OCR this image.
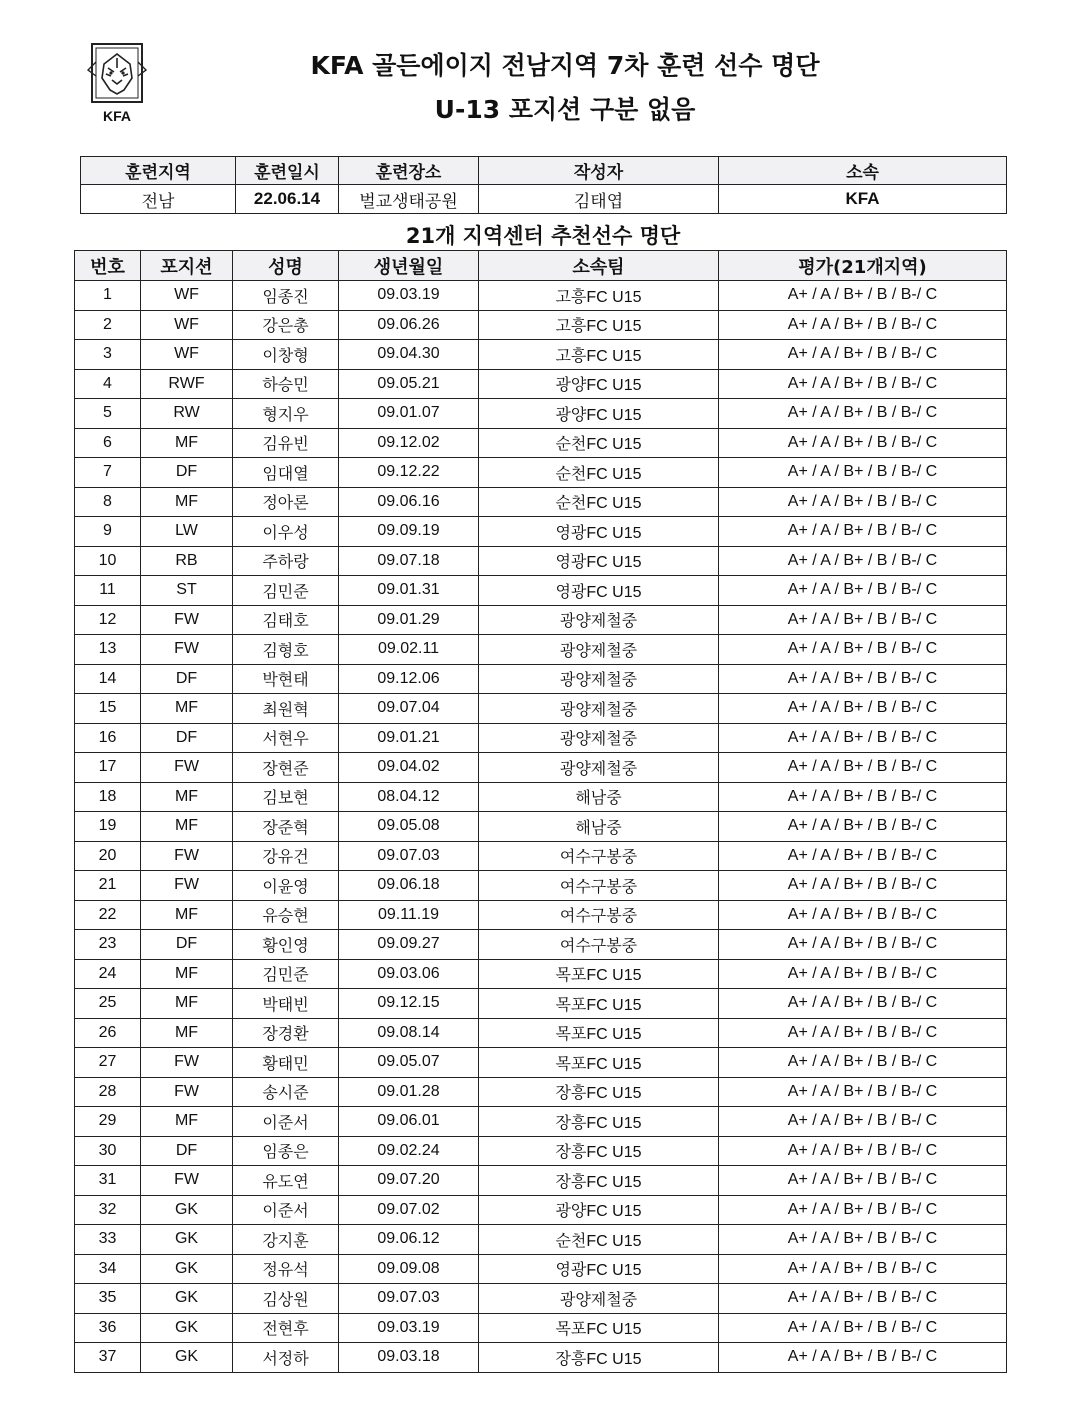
KFA
KFA 골든에이지 전남지역 7차 훈련 선수 명단
U-13 포지션 구분 없음
훈련지역	훈련일시	훈련장소	작성자	소속
전남	22.06.14	벌교생태공원	김태엽	KFA
21개 지역센터 추천선수 명단
번호	포지션	성명	생년월일	소속팀	평가(21개지역)
1	WF	임종진	09.03.19	고흥FC U15	A+ / A / B+ / B / B-/ C
2	WF	강은총	09.06.26	고흥FC U15	A+ / A / B+ / B / B-/ C
3	WF	이창형	09.04.30	고흥FC U15	A+ / A / B+ / B / B-/ C
4	RWF	하승민	09.05.21	광양FC U15	A+ / A / B+ / B / B-/ C
5	RW	형지우	09.01.07	광양FC U15	A+ / A / B+ / B / B-/ C
6	MF	김유빈	09.12.02	순천FC U15	A+ / A / B+ / B / B-/ C
7	DF	임대열	09.12.22	순천FC U15	A+ / A / B+ / B / B-/ C
8	MF	정아론	09.06.16	순천FC U15	A+ / A / B+ / B / B-/ C
9	LW	이우성	09.09.19	영광FC U15	A+ / A / B+ / B / B-/ C
10	RB	주하랑	09.07.18	영광FC U15	A+ / A / B+ / B / B-/ C
11	ST	김민준	09.01.31	영광FC U15	A+ / A / B+ / B / B-/ C
12	FW	김태호	09.01.29	광양제철중	A+ / A / B+ / B / B-/ C
13	FW	김형호	09.02.11	광양제철중	A+ / A / B+ / B / B-/ C
14	DF	박현태	09.12.06	광양제철중	A+ / A / B+ / B / B-/ C
15	MF	최원혁	09.07.04	광양제철중	A+ / A / B+ / B / B-/ C
16	DF	서현우	09.01.21	광양제철중	A+ / A / B+ / B / B-/ C
17	FW	장현준	09.04.02	광양제철중	A+ / A / B+ / B / B-/ C
18	MF	김보현	08.04.12	해남중	A+ / A / B+ / B / B-/ C
19	MF	장준혁	09.05.08	해남중	A+ / A / B+ / B / B-/ C
20	FW	강유건	09.07.03	여수구봉중	A+ / A / B+ / B / B-/ C
21	FW	이윤영	09.06.18	여수구봉중	A+ / A / B+ / B / B-/ C
22	MF	유승현	09.11.19	여수구봉중	A+ / A / B+ / B / B-/ C
23	DF	황인영	09.09.27	여수구봉중	A+ / A / B+ / B / B-/ C
24	MF	김민준	09.03.06	목포FC U15	A+ / A / B+ / B / B-/ C
25	MF	박태빈	09.12.15	목포FC U15	A+ / A / B+ / B / B-/ C
26	MF	장경환	09.08.14	목포FC U15	A+ / A / B+ / B / B-/ C
27	FW	황태민	09.05.07	목포FC U15	A+ / A / B+ / B / B-/ C
28	FW	송시준	09.01.28	장흥FC U15	A+ / A / B+ / B / B-/ C
29	MF	이준서	09.06.01	장흥FC U15	A+ / A / B+ / B / B-/ C
30	DF	임종은	09.02.24	장흥FC U15	A+ / A / B+ / B / B-/ C
31	FW	유도연	09.07.20	장흥FC U15	A+ / A / B+ / B / B-/ C
32	GK	이준서	09.07.02	광양FC U15	A+ / A / B+ / B / B-/ C
33	GK	강지훈	09.06.12	순천FC U15	A+ / A / B+ / B / B-/ C
34	GK	정유석	09.09.08	영광FC U15	A+ / A / B+ / B / B-/ C
35	GK	김상원	09.07.03	광양제철중	A+ / A / B+ / B / B-/ C
36	GK	전현후	09.03.19	목포FC U15	A+ / A / B+ / B / B-/ C
37	GK	서정하	09.03.18	장흥FC U15	A+ / A / B+ / B / B-/ C
